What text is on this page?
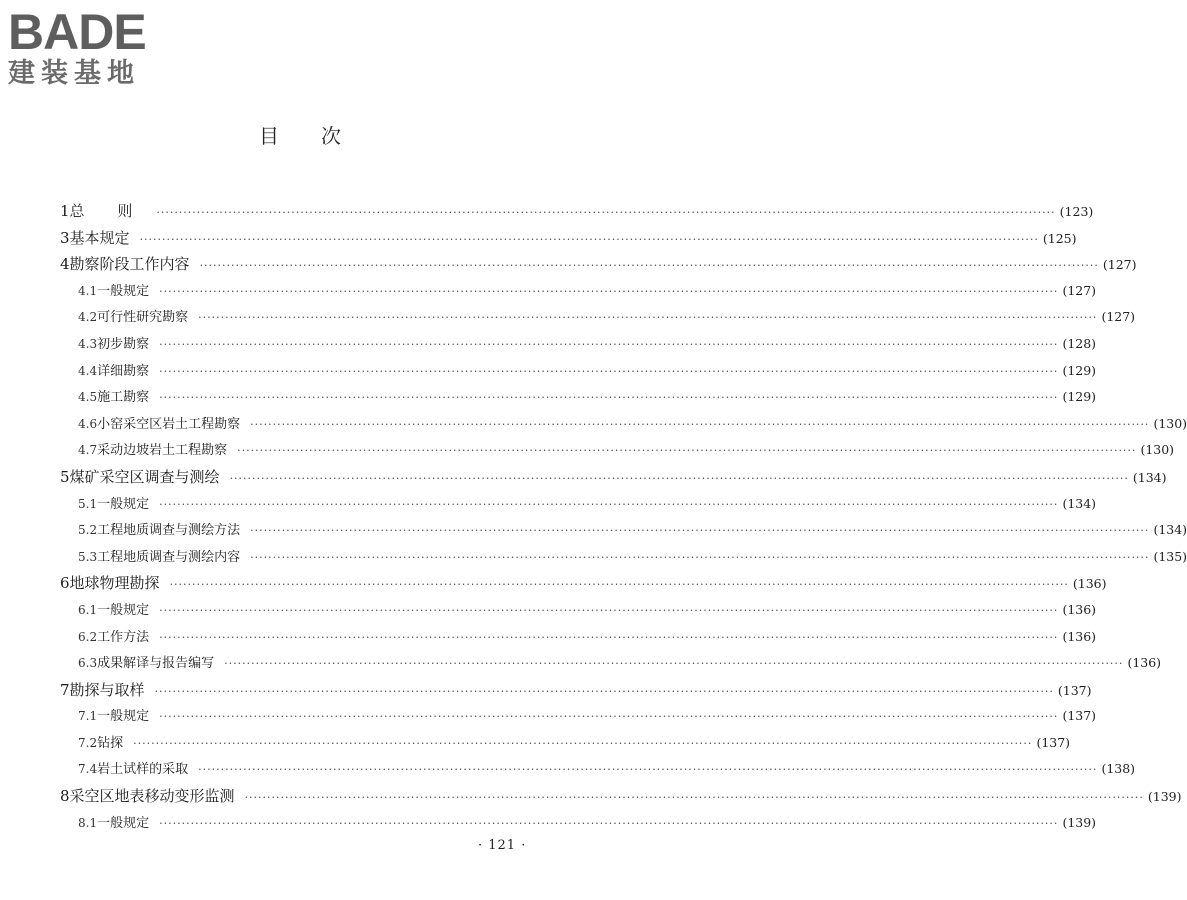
BADE
建装基地
目次
1 总 则 ········································································································································································································ (123)
3 基本规定 ········································································································································································································ (125)
4 勘察阶段工作内容 ········································································································································································································ (127)
4.1 一般规定 ········································································································································································································ (127)
4.2 可行性研究勘察 ········································································································································································································ (127)
4.3 初步勘察 ········································································································································································································ (128)
4.4 详细勘察 ········································································································································································································ (129)
4.5 施工勘察 ········································································································································································································ (129)
4.6 小窑采空区岩土工程勘察 ········································································································································································································ (130)
4.7 采动边坡岩土工程勘察 ········································································································································································································ (130)
5 煤矿采空区调查与测绘 ········································································································································································································ (134)
5.1 一般规定 ········································································································································································································ (134)
5.2 工程地质调查与测绘方法 ········································································································································································································ (134)
5.3 工程地质调查与测绘内容 ········································································································································································································ (135)
6 地球物理勘探 ········································································································································································································ (136)
6.1 一般规定 ········································································································································································································ (136)
6.2 工作方法 ········································································································································································································ (136)
6.3 成果解译与报告编写 ········································································································································································································ (136)
7 勘探与取样 ········································································································································································································ (137)
7.1 一般规定 ········································································································································································································ (137)
7.2 钻探 ········································································································································································································ (137)
7.4 岩土试样的采取 ········································································································································································································ (138)
8 采空区地表移动变形监测 ········································································································································································································ (139)
8.1 一般规定 ········································································································································································································ (139)
· 121 ·
